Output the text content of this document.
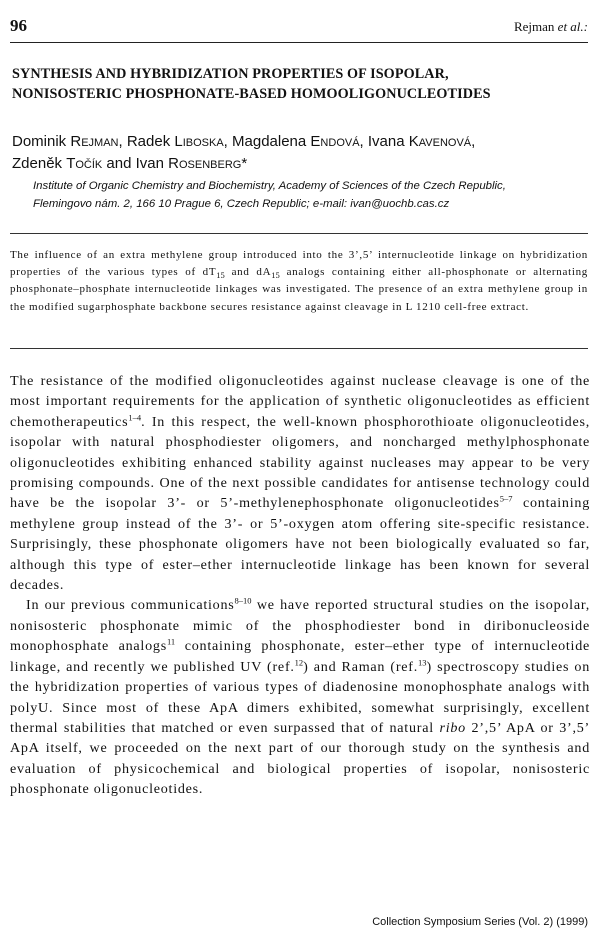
96	Rejman et al.:
SYNTHESIS AND HYBRIDIZATION PROPERTIES OF ISOPOLAR,
NONISOSTERIC PHOSPHONATE-BASED HOMOOLIGONUCLEOTIDES

Dominik Rejman, Radek Liboska, Magdalena Endová, Ivana Kavenová,
Zdeněk Točík and Ivan Rosenberg*

Institute of Organic Chemistry and Biochemistry, Academy of Sciences of the Czech Republic,
Flemingovo nám. 2, 166 10 Prague 6, Czech Republic; e-mail: ivan@uochb.cas.cz

The influence of an extra methylene group introduced into the 3’,5’ internucleotide linkage on hybridization properties of the various types of $dT_{15}$ and $dA_{15}$ analogs containing either all-phosphonate or alternating phosphonate–phosphate internucleotide linkages was investigated. The presence of an extra methylene group in the modified sugarphosphate backbone secures resistance against cleavage in L 1210 cell-free extract.

The resistance of the modified oligonucleotides against nuclease cleavage is one of the most important requirements for the application of synthetic oligonucleotides as efficient chemotherapeutics$^{1-4}$. In this respect, the well-known phosphorothioate oligonucleotides, isopolar with natural phosphodiester oligomers, and noncharged methylphosphonate oligonucleotides exhibiting enhanced stability against nucleases may appear to be very promising compounds. One of the next possible candidates for antisense technology could have be the isopolar 3’- or 5’-methylenephosphonate oligonucleotides$^{5-7}$ containing methylene group instead of the 3’- or 5’-oxygen atom offering site-specific resistance. Surprisingly, these phosphonate oligomers have not been biologically evaluated so far, although this type of ester–ether internucleotide linkage has been known for several decades.

In our previous communications$^{8-10}$ we have reported structural studies on the isopolar, nonisosteric phosphonate mimic of the phosphodiester bond in diribonucleoside monophosphate analogs$^{11}$ containing phosphonate, ester–ether type of internucleotide linkage, and recently we published UV (ref.$^{12}$) and Raman (ref.$^{13}$) spectroscopy studies on the hybridization properties of various types of diadenosine monophosphate analogs with polyU. Since most of these ApA dimers exhibited, somewhat surprisingly, excellent thermal stabilities that matched or even surpassed that of natural ribo 2’,5’ ApA or 3’,5’ ApA itself, we proceeded on the next part of our thorough study on the synthesis and evaluation of physicochemical and biological properties of isopolar, nonisosteric phosphonate oligonucleotides.

Collection Symposium Series (Vol. 2) (1999)
